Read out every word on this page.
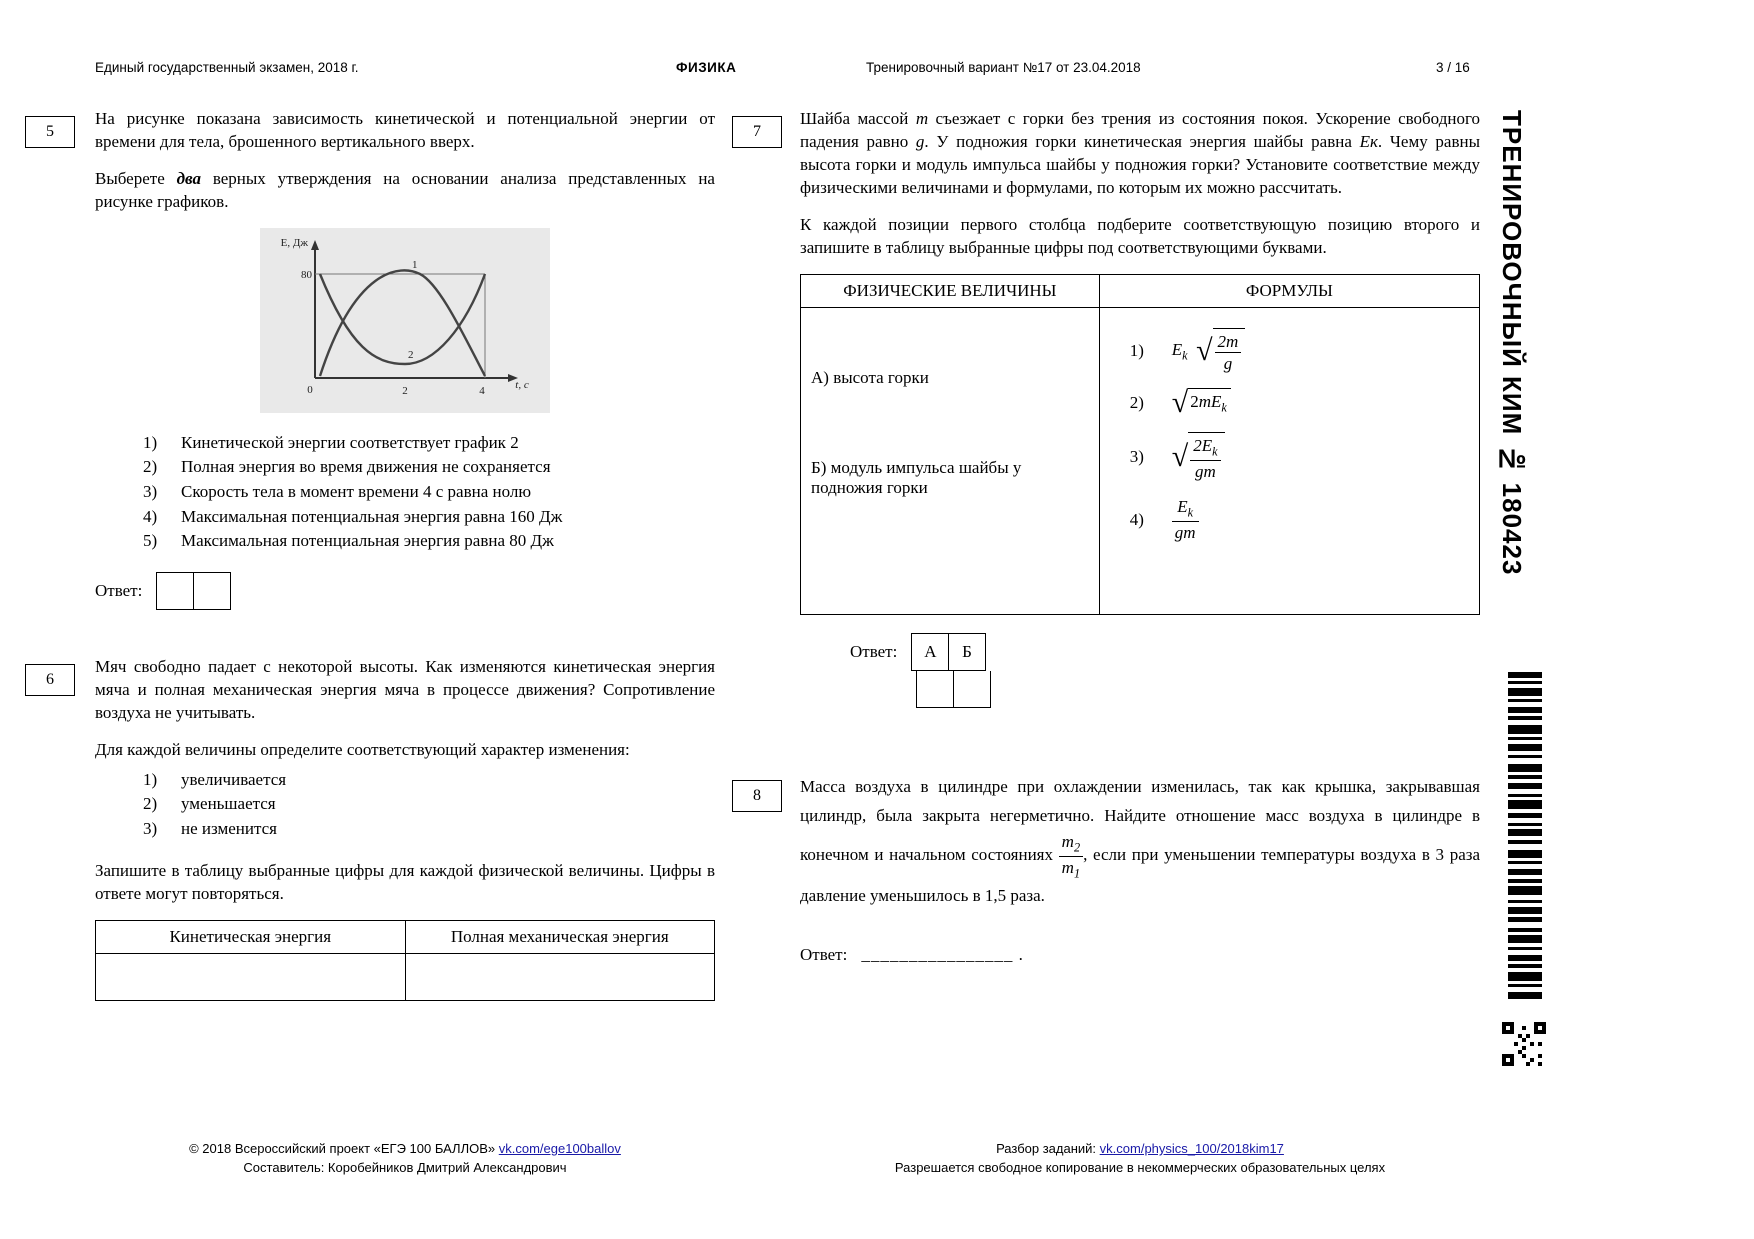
Единый государственный экзамен, 2018 г.	ФИЗИКА	Тренировочный вариант №17 от 23.04.2018	3 / 16
ТРЕНИРОВОЧНЫЙ КИМ № 180423
5

На рисунке показана зависимость кинетической и потенциальной энергии от времени для тела, брошенного вертикального вверх.

Выберете два верных утверждения на основании анализа представленных на рисунке графиков.

E, Дж
80
0	2	4	t, c
1
2
1)	Кинетической энергии соответствует график 2
2)	Полная энергия во время движения не сохраняется
3)	Скорость тела в момент времени 4 с равна нолю
4)	Максимальная потенциальная энергия равна 160 Дж
5)	Максимальная потенциальная энергия равна 80 Дж
Ответ:
6

Мяч свободно падает с некоторой высоты. Как изменяются кинетическая энергия мяча и полная механическая энергия мяча в процессе движения? Сопротивление воздуха не учитывать.

Для каждой величины определите соответствующий характер изменения:

1)	увеличивается
2)	уменьшается
3)	не изменится

Запишите в таблицу выбранные цифры для каждой физической величины. Цифры в ответе могут повторяться.

Кинетическая энергия	Полная механическая энергия

7

Шайба массой m съезжает с горки без трения из состояния покоя. Ускорение свободного падения равно g. У подножия горки кинетическая энергия шайбы равна Eк. Чему равны высота горки и модуль импульса шайбы у подножия горки? Установите соответствие между физическими величинами и формулами, по которым их можно рассчитать.

К каждой позиции первого столбца подберите соответствующую позицию второго и запишите в таблицу выбранные цифры под соответствующими буквами.

ФИЗИЧЕСКИЕ ВЕЛИЧИНЫ	ФОРМУЛЫ

А) высота горки
Б) модуль импульса шайбы у подножия горки

1)	$E_k$ √ $\frac{2m}{g}$
2) √ $2mE_k$
3) √ $\frac{2E_k}{gm}$
4)	$\frac{E_k}{gm}$
Ответ:	А	Б
8	Масса воздуха в цилиндре при охлаждении изменилась, так как крышка, закрывавшая цилиндр, была закрыта негерметично. Найдите отношение масс воздуха в цилиндре в конечном и начальном состояниях $\frac{m_2}{m_1}$ , если при уменьшении температуры воздуха в 3 раза давление уменьшилось в 1,5 раза.

Ответ: ________________ .
© 2018 Всероссийский проект «ЕГЭ 100 БАЛЛОВ» vk.com/ege100ballov
Составитель: Коробейников Дмитрий Александрович
Разбор заданий: vk.com/physics_100/2018kim17
Разрешается свободное копирование в некоммерческих образовательных целях
